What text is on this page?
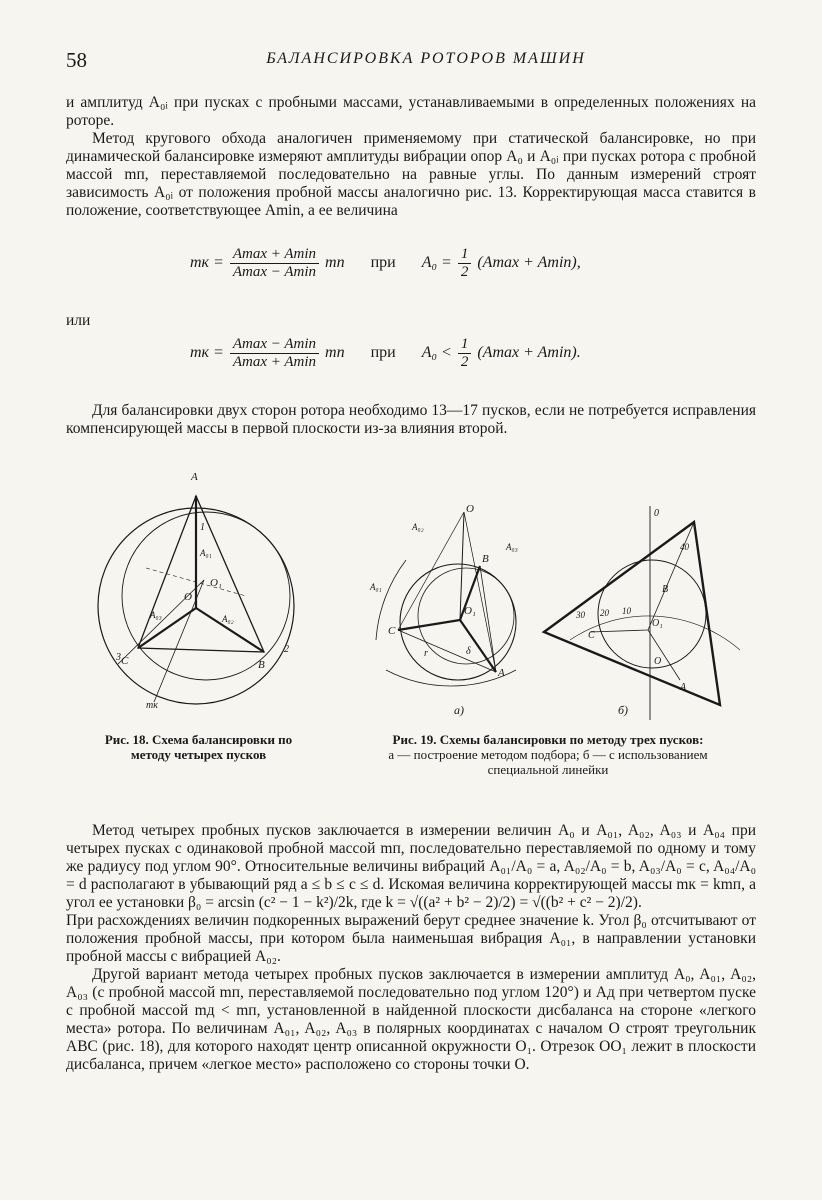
58	БАЛАНСИРОВКА РОТОРОВ МАШИН

и амплитуд A₀ᵢ при пусках с пробными массами, устанавливаемыми в определенных положениях на роторе.

Метод кругового обхода аналогичен применяемому при статической балансировке, но при динамической балансировке измеряют амплитуды вибрации опор A₀ и A₀ᵢ при пусках ротора с пробной массой mп, переставляемой последовательно на равные углы. По данным измерений строят зависимость A₀ᵢ от положения пробной массы аналогично рис. 13. Корректирующая масса ставится в положение, соответствующее Amin, а ее величина

mк = $\frac{Amax + Amin}{Amax - Amin}$ mп при $A_0 = \frac{1}{2} (Amax + Amin)$,
или
mк = $\frac{Amax - Amin}{Amax + Amin}$ mп при $A_0 < \frac{1}{2} (Amax + Amin)$.

Для балансировки двух сторон ротора необходимо 13—17 пусков, если не потребуется исправления компенсирующей массы в первой плоскости из-за влияния второй.

A
C	B
O
O₁
A₀₁
A₀₂
A₀₃
1
2
3
mк
O
B
C
A
O₁
A₀₂
A₀₁
A₀₃
r	δ
а)
0
O₁
C
A
B
O
30 20 10
40
б)
Рис. 18. Схема балансировки по методу четырех пусков
Рис. 19. Схемы балансировки по методу трех пусков:
а — построение методом подбора; б — с использованием специальной линейки

Метод четырех пробных пусков заключается в измерении величин A₀ и A₀₁, A₀₂, A₀₃ и A₀₄ при четырех пусках с одинаковой пробной массой mп, последовательно переставляемой по одному и тому же радиусу под углом 90°. Относительные величины вибраций A₀₁/A₀ = a, A₀₂/A₀ = b, A₀₃/A₀ = c, A₀₄/A₀ = d располагают в убывающий ряд a ≤ b ≤ c ≤ d. Искомая величина корректирующей массы mк = kmп, а угол ее установки β₀ = arcsin (c² − 1 − k²)/2k, где k = √((a² + b² − 2)/2) = √((b² + c² − 2)/2).

При расхождениях величин подкоренных выражений берут среднее значение k. Угол β₀ отсчитывают от положения пробной массы, при котором была наименьшая вибрация A₀₁, в направлении установки пробной массы с вибрацией A₀₂.

Другой вариант метода четырех пробных пусков заключается в измерении амплитуд A₀, A₀₁, A₀₂, A₀₃ (с пробной массой mп, переставляемой последовательно под углом 120°) и Aд при четвертом пуске с пробной массой mд < mп, установленной в найденной плоскости дисбаланса на стороне «легкого места» ротора. По величинам A₀₁, A₀₂, A₀₃ в полярных координатах с началом O строят треугольник ABC (рис. 18), для которого находят центр описанной окружности O₁. Отрезок OO₁ лежит в плоскости дисбаланса, причем «легкое место» расположено со стороны точки O.
